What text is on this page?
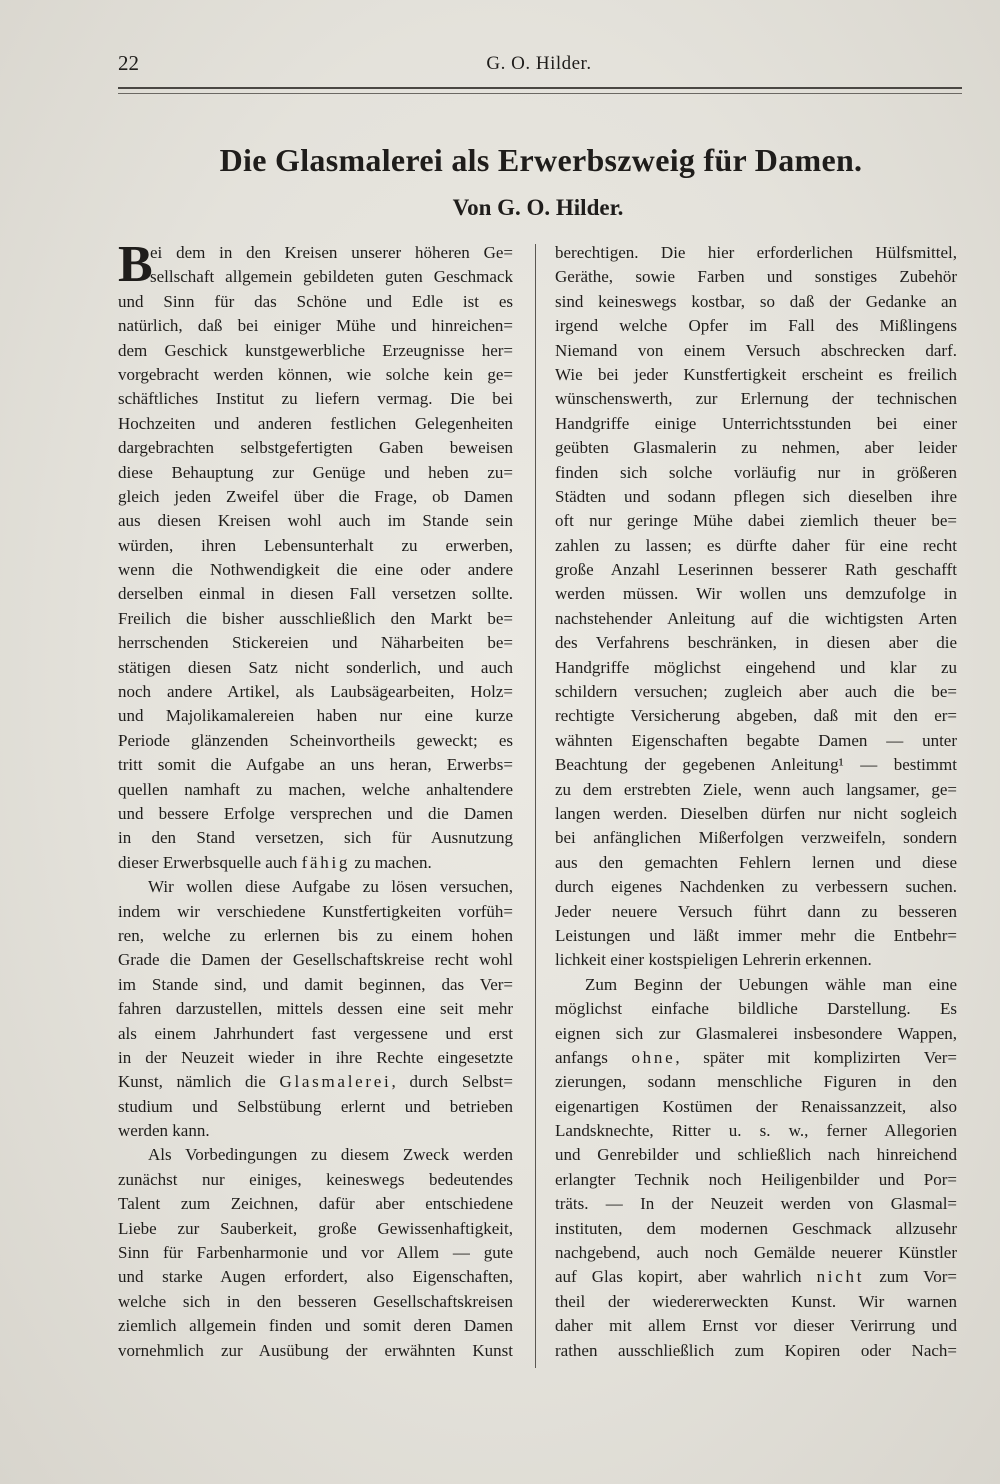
22	G. O. Hilder.
Die Glasmalerei als Erwerbszweig für Damen.
Von G. O. Hilder.
B
ei dem in den Kreisen unserer höheren Ge=
sellschaft allgemein gebildeten guten Geschmack
und Sinn für das Schöne und Edle ist es
natürlich, daß bei einiger Mühe und hinreichen=
dem Geschick kunstgewerbliche Erzeugnisse her=
vorgebracht werden können, wie solche kein ge=
schäftliches Institut zu liefern vermag. Die bei
Hochzeiten und anderen festlichen Gelegenheiten
dargebrachten selbstgefertigten Gaben beweisen
diese Behauptung zur Genüge und heben zu=
gleich jeden Zweifel über die Frage, ob Damen
aus diesen Kreisen wohl auch im Stande sein
würden, ihren Lebensunterhalt zu erwerben,
wenn die Nothwendigkeit die eine oder andere
derselben einmal in diesen Fall versetzen sollte.
Freilich die bisher ausschließlich den Markt be=
herrschenden Stickereien und Näharbeiten be=
stätigen diesen Satz nicht sonderlich, und auch
noch andere Artikel, als Laubsägearbeiten, Holz=
und Majolikamalereien haben nur eine kurze
Periode glänzenden Scheinvortheils geweckt; es
tritt somit die Aufgabe an uns heran, Erwerbs=
quellen namhaft zu machen, welche anhaltendere
und bessere Erfolge versprechen und die Damen
in den Stand versetzen, sich für Ausnutzung
dieser Erwerbsquelle auch fähig zu machen.
Wir wollen diese Aufgabe zu lösen versuchen,
indem wir verschiedene Kunstfertigkeiten vorfüh=
ren, welche zu erlernen bis zu einem hohen
Grade die Damen der Gesellschaftskreise recht wohl
im Stande sind, und damit beginnen, das Ver=
fahren darzustellen, mittels dessen eine seit mehr
als einem Jahrhundert fast vergessene und erst
in der Neuzeit wieder in ihre Rechte eingesetzte
Kunst, nämlich die Glasmalerei, durch Selbst=
studium und Selbstübung erlernt und betrieben
werden kann.
Als Vorbedingungen zu diesem Zweck werden
zunächst nur einiges, keineswegs bedeutendes
Talent zum Zeichnen, dafür aber entschiedene
Liebe zur Sauberkeit, große Gewissenhaftigkeit,
Sinn für Farbenharmonie und vor Allem — gute
und starke Augen erfordert, also Eigenschaften,
welche sich in den besseren Gesellschaftskreisen
ziemlich allgemein finden und somit deren Damen
vornehmlich zur Ausübung der erwähnten Kunst
berechtigen. Die hier erforderlichen Hülfsmittel,
Geräthe, sowie Farben und sonstiges Zubehör
sind keineswegs kostbar, so daß der Gedanke an
irgend welche Opfer im Fall des Mißlingens
Niemand von einem Versuch abschrecken darf.
Wie bei jeder Kunstfertigkeit erscheint es freilich
wünschenswerth, zur Erlernung der technischen
Handgriffe einige Unterrichtsstunden bei einer
geübten Glasmalerin zu nehmen, aber leider
finden sich solche vorläufig nur in größeren
Städten und sodann pflegen sich dieselben ihre
oft nur geringe Mühe dabei ziemlich theuer be=
zahlen zu lassen; es dürfte daher für eine recht
große Anzahl Leserinnen besserer Rath geschafft
werden müssen. Wir wollen uns demzufolge in
nachstehender Anleitung auf die wichtigsten Arten
des Verfahrens beschränken, in diesen aber die
Handgriffe möglichst eingehend und klar zu
schildern versuchen; zugleich aber auch die be=
rechtigte Versicherung abgeben, daß mit den er=
wähnten Eigenschaften begabte Damen — unter
Beachtung der gegebenen Anleitung¹ — bestimmt
zu dem erstrebten Ziele, wenn auch langsamer, ge=
langen werden. Dieselben dürfen nur nicht sogleich
bei anfänglichen Mißerfolgen verzweifeln, sondern
aus den gemachten Fehlern lernen und diese
durch eigenes Nachdenken zu verbessern suchen.
Jeder neuere Versuch führt dann zu besseren
Leistungen und läßt immer mehr die Entbehr=
lichkeit einer kostspieligen Lehrerin erkennen.
Zum Beginn der Uebungen wähle man eine
möglichst einfache bildliche Darstellung. Es
eignen sich zur Glasmalerei insbesondere Wappen,
anfangs ohne, später mit komplizirten Ver=
zierungen, sodann menschliche Figuren in den
eigenartigen Kostümen der Renaissanzzeit, also
Landsknechte, Ritter u. s. w., ferner Allegorien
und Genrebilder und schließlich nach hinreichend
erlangter Technik noch Heiligenbilder und Por=
träts. — In der Neuzeit werden von Glasmal=
instituten, dem modernen Geschmack allzusehr
nachgebend, auch noch Gemälde neuerer Künstler
auf Glas kopirt, aber wahrlich nicht zum Vor=
theil der wiedererweckten Kunst. Wir warnen
daher mit allem Ernst vor dieser Verirrung und
rathen ausschließlich zum Kopiren oder Nach=
